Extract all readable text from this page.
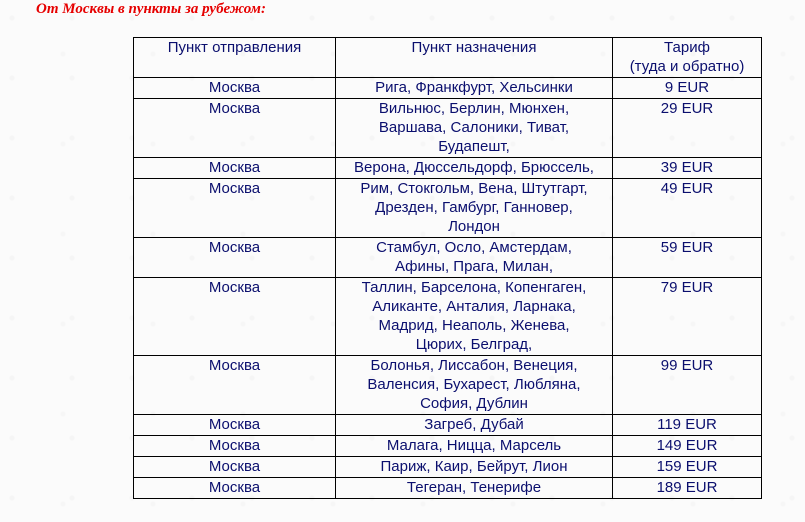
От Москвы в пункты за рубежом:
Пункт отправления	Пункт назначения	Тариф
(туда и обратно)

Москва	Рига, Франкфурт, Хельсинки	9 EUR
Москва	Вильнюс, Берлин, Мюнхен,
Варшава, Салоники, Тиват,
Будапешт,	29 EUR
Москва	Верона, Дюссельдорф, Брюссель,	39 EUR
Москва	Рим, Стокгольм, Вена, Штутгарт,
Дрезден, Гамбург, Ганновер,
Лондон	49 EUR
Москва	Стамбул, Осло, Амстердам,
Афины, Прага, Милан,	59 EUR
Москва	Таллин, Барселона, Копенгаген,
Аликанте, Анталия, Ларнака,
Мадрид, Неаполь, Женева,
Цюрих, Белград,	79 EUR
Москва	Болонья, Лиссабон, Венеция,
Валенсия, Бухарест, Любляна,
София, Дублин	99 EUR
Москва	Загреб, Дубай	119 EUR
Москва	Малага, Ницца, Марсель	149 EUR
Москва	Париж, Каир, Бейрут, Лион	159 EUR
Москва	Тегеран, Тенерифе	189 EUR
